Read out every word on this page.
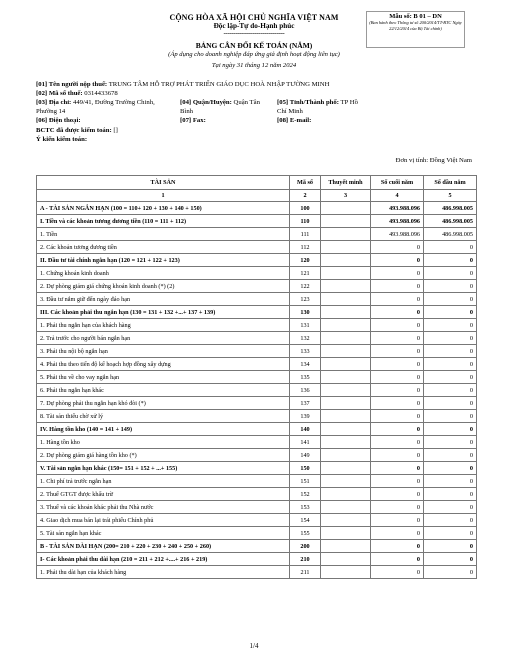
CỘNG HÒA XÃ HỘI CHỦ NGHĨA VIỆT NAM
Độc lập-Tự do-Hạnh phúc
------------------------------
BẢNG CÂN ĐỐI KẾ TOÁN (NĂM)
(Áp dụng cho doanh nghiệp đáp ứng giả định hoạt động liên tục)
Tại ngày 31 tháng 12 năm 2024
Mẫu số: B 01 – DN
(Ban hành theo Thông tư số 200/2014/TT-BTC Ngày 22/12/2014 của Bộ Tài chính)
[01] Tên người nộp thuế: TRUNG TÂM HỖ TRỢ PHÁT TRIỂN GIÁO DỤC HOÀ NHẬP TƯỜNG MINH
[02] Mã số thuế: 0314433678
[03] Địa chỉ: 449/41, Đường Trường Chinh,
Phường 14
[04] Quận/Huyện: Quận Tân
Bình
[05] Tỉnh/Thành phố: TP Hồ
Chí Minh
[06] Điện thoại:	[07] Fax:	[08] E-mail:
BCTC đã được kiểm toán: []
Ý kiến kiểm toán:
Đơn vị tính: Đồng Việt Nam
TÀI SẢN	Mã số	Thuyết minh	Số cuối năm	Số đầu năm
1	2	3	4	5
A - TÀI SẢN NGẮN HẠN (100 = 110+ 120 + 130 + 140 + 150)	100		493.988.096	486.998.005
I. Tiền và các khoản tương đương tiền (110 = 111 + 112)	110		493.988.096	486.998.005
1. Tiền	111		493.988.096	486.998.005
2. Các khoản tương đương tiền	112		0	0
II. Đầu tư tài chính ngắn hạn (120 = 121 + 122 + 123)	120		0	0
1. Chứng khoán kinh doanh	121		0	0
2. Dự phòng giảm giá chứng khoán kinh doanh (*) (2)	122		0	0
3. Đầu tư nắm giữ đến ngày đáo hạn	123		0	0
III. Các khoản phải thu ngắn hạn (130 = 131 + 132 +...+ 137 + 139)	130		0	0
1. Phải thu ngắn hạn của khách hàng	131		0	0
2. Trả trước cho người bán ngắn hạn	132		0	0
3. Phải thu nội bộ ngắn hạn	133		0	0
4. Phải thu theo tiến độ kế hoạch hợp đồng xây dựng	134		0	0
5. Phải thu về cho vay ngắn hạn	135		0	0
6. Phải thu ngắn hạn khác	136		0	0
7. Dự phòng phải thu ngắn hạn khó đòi (*)	137		0	0
8. Tài sản thiếu chờ xử lý	139		0	0
IV. Hàng tồn kho (140 = 141 + 149)	140		0	0
1. Hàng tồn kho	141		0	0
2. Dự phòng giảm giá hàng tồn kho (*)	149		0	0
V. Tài sản ngắn hạn khác (150= 151 + 152 + ...+ 155)	150		0	0
1. Chi phí trả trước ngắn hạn	151		0	0
2. Thuế GTGT được khấu trừ	152		0	0
3. Thuế và các khoản khác phải thu Nhà nước	153		0	0
4. Giao dịch mua bán lại trái phiếu Chính phủ	154		0	0
5. Tài sản ngắn hạn khác	155		0	0
B - TÀI SẢN DÀI HẠN (200= 210 + 220 + 230 + 240 + 250 + 260)	200		0	0
I- Các khoản phải thu dài hạn (210 = 211 + 212 +....+ 216 + 219)	210		0	0
1. Phải thu dài hạn của khách hàng	211		0	0
1/4
